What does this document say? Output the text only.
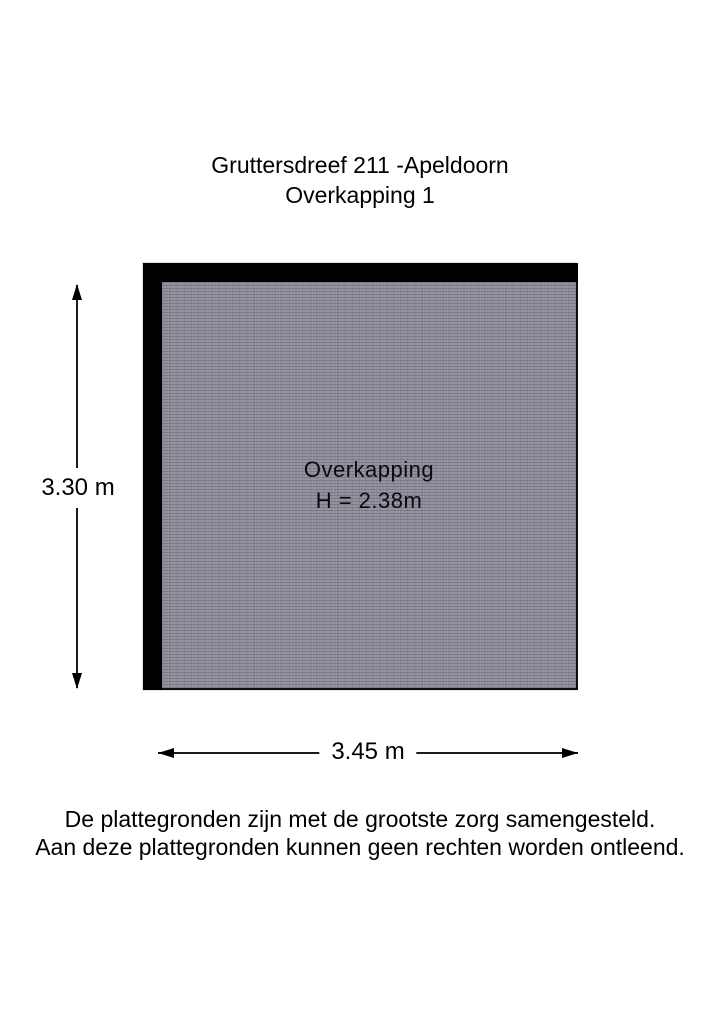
Gruttersdreef 211 -Apeldoorn
Overkapping 1
Overkapping
H = 2.38m
3.30 m
3.45 m
De plattegronden zijn met de grootste zorg samengesteld.
Aan deze plattegronden kunnen geen rechten worden ontleend.
